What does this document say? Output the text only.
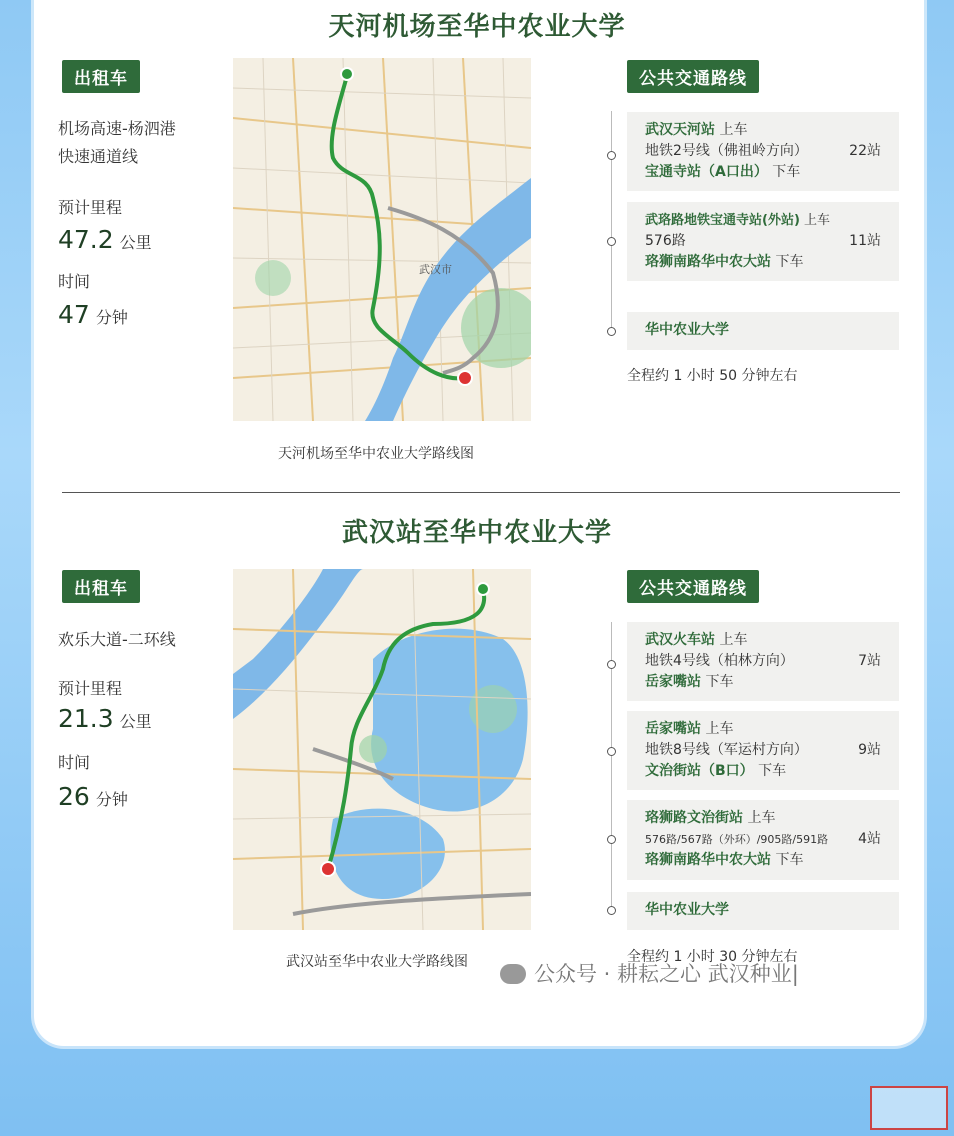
天河机场至华中农业大学
出租车
机场高速-杨泗港
快速通道线
预计里程
47.2 公里
时间
47 分钟
武汉市
天河机场至华中农业大学路线图
公共交通路线
武汉天河站 上车
地铁2号线（佛祖岭方向）	22站
宝通寺站（A口出） 下车
武珞路地铁宝通寺站(外站) 上车
576路	11站
珞狮南路华中农大站 下车
华中农业大学
全程约 1 小时 50 分钟左右
武汉站至华中农业大学
出租车
欢乐大道-二环线
预计里程
21.3 公里
时间
26 分钟
武汉站至华中农业大学路线图
公共交通路线
武汉火车站 上车
地铁4号线（柏林方向）	7站
岳家嘴站 下车
岳家嘴站 上车
地铁8号线（军运村方向）	9站
文治街站（B口） 下车
珞狮路文治街站 上车
576路/567路（外环）/905路/591路 4站
珞狮南路华中农大站 下车
华中农业大学
全程约 1 小时 30 分钟左右
公众号 · 耕耘之心 武汉种业|
